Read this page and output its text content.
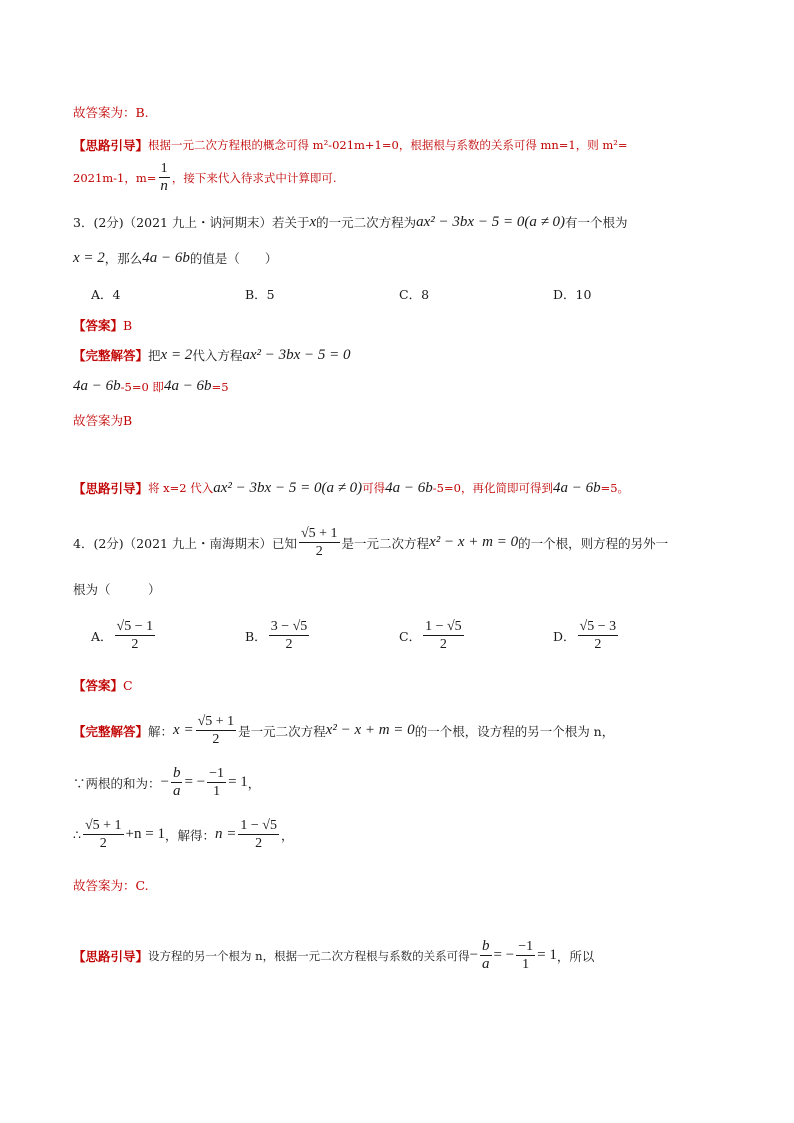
故答案为：B.
【思路引导】 根据一元二次方程根的概念可得 m²-021m+1=0，根据根与系数的关系可得 mn=1，则 m²=
2021m-1，$m= \frac{1}{n}$ ，接下来代入待求式中计算即可.
3．(2分)（2021 九上・讷河期末）若关于 x 的一元二次方程为 ax² − 3bx − 5 = 0(a ≠ 0) 有一个根为
x = 2 ，那么 4a − 6b 的值是（　　）
A．4	B．5	C．8	D．10
【答案】 B
【完整解答】 把 x = 2 代入方程 ax² − 3bx − 5 = 0
4a − 6b -5=0 即 4a − 6b =5
故答案为B
【思路引导】 将 x=2 代入 ax² − 3bx − 5 = 0(a ≠ 0) 可得 4a − 6b -5=0，再化简即可得到 4a − 6b =5。
4．(2分)（2021 九上・南海期末）已知 $\frac{√5 + 1}{2}$ 是一元二次方程 x² − x + m = 0 的一个根，则方程的另外一
根为（　　　）
A． $\frac{√5 - 1}{2}$	B． $\frac{3 - √5}{2}$	C． $\frac{1 - √5}{2}$	D． $\frac{√5 - 3}{2}$
【答案】 C
【完整解答】 解： $x = \frac{√5 + 1}{2}$ 是一元二次方程 x² − x + m = 0 的一个根，设方程的另一个根为 n，
∵两根的和为： − $\frac{b}{a}$ = − $\frac{-1}{1} = 1$ ，
∴ $\frac{√5 + 1}{2} +n = 1$ ，解得： $n = \frac{1 - √5}{2}$ ，
故答案为：C.
【思路引导】 设方程的另一个根为 n，根据一元二次方程根与系数的关系可得 − $\frac{b}{a}$ = − $\frac{-1}{1} = 1$ ，所以
